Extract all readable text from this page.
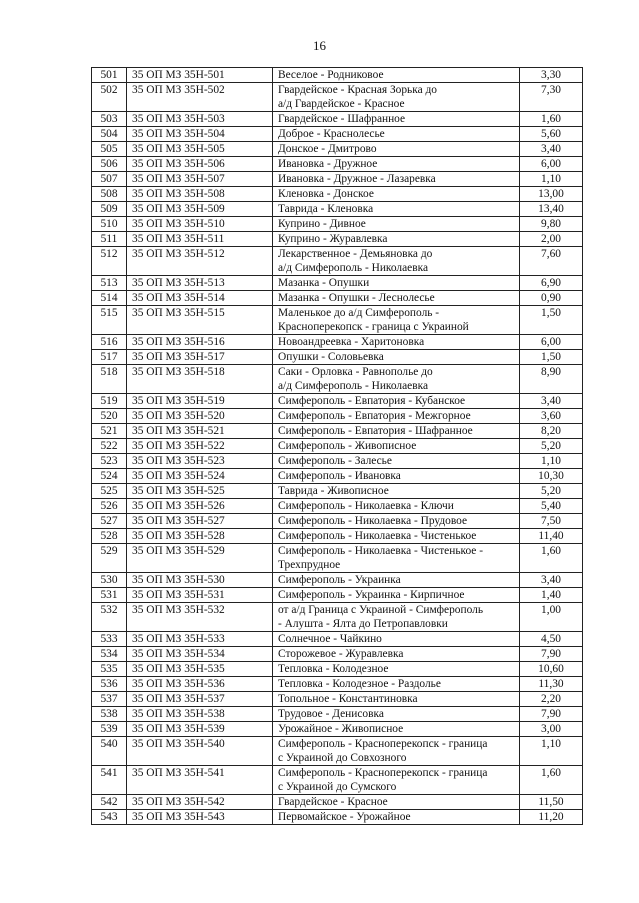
16
501	35 ОП МЗ 35Н-501	Веселое - Родниковое	3,30
502	35 ОП МЗ 35Н-502	Гвардейское - Красная Зорька до
а/д Гвардейское - Красное	7,30
503	35 ОП МЗ 35Н-503	Гвардейское - Шафранное	1,60
504	35 ОП МЗ 35Н-504	Доброе - Краснолесье	5,60
505	35 ОП МЗ 35Н-505	Донское - Дмитрово	3,40
506	35 ОП МЗ 35Н-506	Ивановка - Дружное	6,00
507	35 ОП МЗ 35Н-507	Ивановка - Дружное - Лазаревка	1,10
508	35 ОП МЗ 35Н-508	Кленовка - Донское	13,00
509	35 ОП МЗ 35Н-509	Таврида - Кленовка	13,40
510	35 ОП МЗ 35Н-510	Куприно - Дивное	9,80
511	35 ОП МЗ 35Н-511	Куприно - Журавлевка	2,00
512	35 ОП МЗ 35Н-512	Лекарственное - Демьяновка до
а/д Симферополь - Николаевка	7,60
513	35 ОП МЗ 35Н-513	Мазанка - Опушки	6,90
514	35 ОП МЗ 35Н-514	Мазанка - Опушки - Леснолесье	0,90
515	35 ОП МЗ 35Н-515	Маленькое до а/д Симферополь -
Красноперекопск - граница с Украиной	1,50
516	35 ОП МЗ 35Н-516	Новоандреевка - Харитоновка	6,00
517	35 ОП МЗ 35Н-517	Опушки - Соловьевка	1,50
518	35 ОП МЗ 35Н-518	Саки - Орловка - Равнополье до
а/д Симферополь - Николаевка	8,90
519	35 ОП МЗ 35Н-519	Симферополь - Евпатория - Кубанское	3,40
520	35 ОП МЗ 35Н-520	Симферополь - Евпатория - Межгорное	3,60
521	35 ОП МЗ 35Н-521	Симферополь - Евпатория - Шафранное	8,20
522	35 ОП МЗ 35Н-522	Симферополь - Живописное	5,20
523	35 ОП МЗ 35Н-523	Симферополь - Залесье	1,10
524	35 ОП МЗ 35Н-524	Симферополь - Ивановка	10,30
525	35 ОП МЗ 35Н-525	Таврида - Живописное	5,20
526	35 ОП МЗ 35Н-526	Симферополь - Николаевка - Ключи	5,40
527	35 ОП МЗ 35Н-527	Симферополь - Николаевка - Прудовое	7,50
528	35 ОП МЗ 35Н-528	Симферополь - Николаевка - Чистенькое	11,40
529	35 ОП МЗ 35Н-529	Симферополь - Николаевка - Чистенькое -
Трехпрудное	1,60
530	35 ОП МЗ 35Н-530	Симферополь - Украинка	3,40
531	35 ОП МЗ 35Н-531	Симферополь - Украинка - Кирпичное	1,40
532	35 ОП МЗ 35Н-532	от а/д Граница с Украиной - Симферополь
- Алушта - Ялта до Петропавловки	1,00
533	35 ОП МЗ 35Н-533	Солнечное - Чайкино	4,50
534	35 ОП МЗ 35Н-534	Сторожевое - Журавлевка	7,90
535	35 ОП МЗ 35Н-535	Тепловка - Колодезное	10,60
536	35 ОП МЗ 35Н-536	Тепловка - Колодезное - Раздолье	11,30
537	35 ОП МЗ 35Н-537	Топольное - Константиновка	2,20
538	35 ОП МЗ 35Н-538	Трудовое - Денисовка	7,90
539	35 ОП МЗ 35Н-539	Урожайное - Живописное	3,00
540	35 ОП МЗ 35Н-540	Симферополь - Красноперекопск - граница
с Украиной до Совхозного	1,10
541	35 ОП МЗ 35Н-541	Симферополь - Красноперекопск - граница
с Украиной до Сумского	1,60
542	35 ОП МЗ 35Н-542	Гвардейское - Красное	11,50
543	35 ОП МЗ 35Н-543	Первомайское - Урожайное	11,20
